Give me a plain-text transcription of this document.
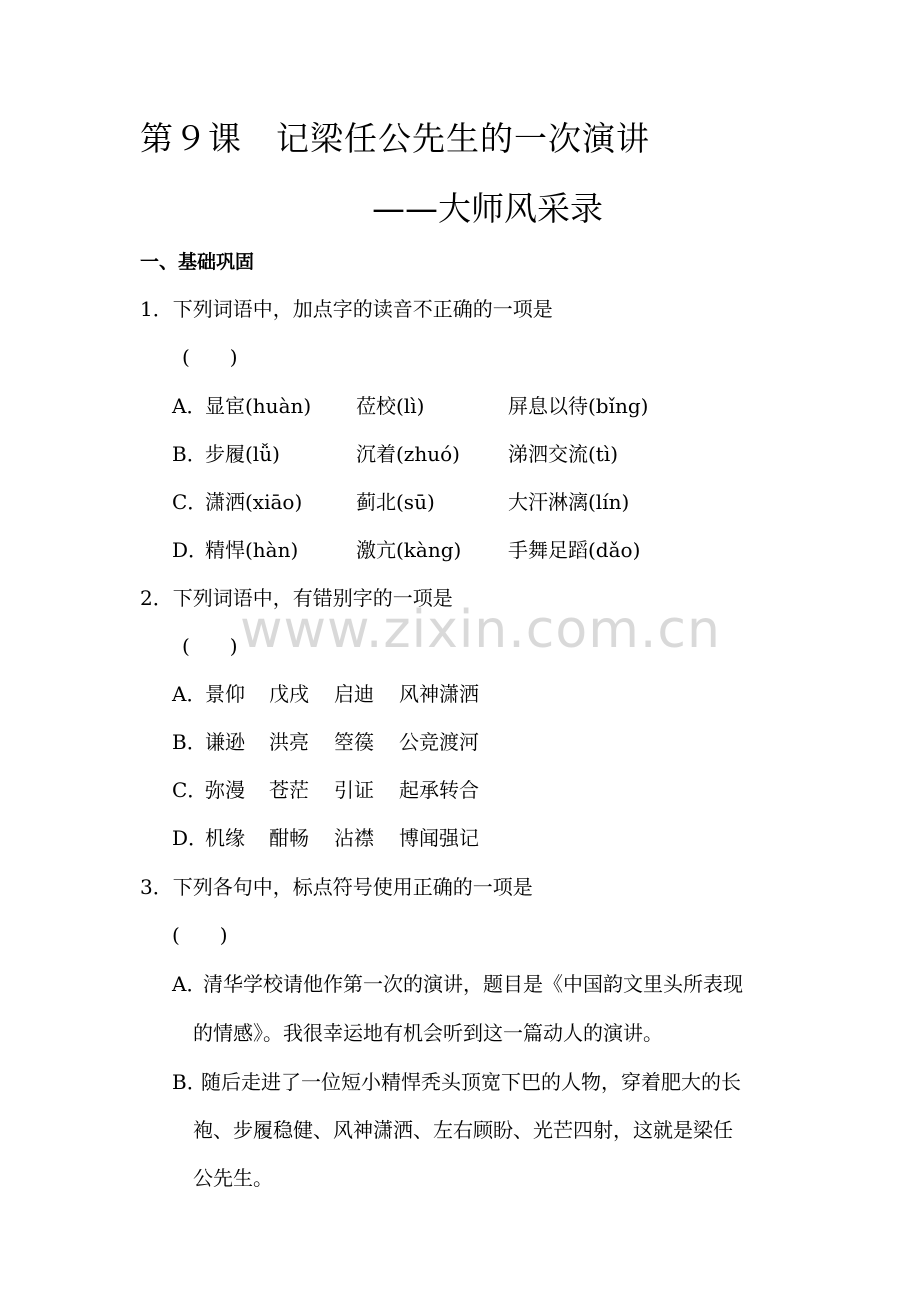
第９课　记梁任公先生的一次演讲
——大师风采录
一、基础巩固
1．下列词语中，加点字的读音不正确的一项是
(　　)
A．
显宦(huàn) 莅校(lì)	屏息以待(bǐng)
B．
步履(lǚ)	沉着(zhuó) 涕泗交流(tì)
C．
潇洒(xiāo)	蓟北(sū)	大汗淋漓(lín)
D．
精悍(hàn)	激亢(kàng) 手舞足蹈(dǎo)
2．下列词语中，有错别字的一项是
(　　)
A．
景仰 戊戌 启迪 风神潇洒
B．
谦逊 洪亮 箜篌 公竞渡河
C．
弥漫 苍茫 引证 起承转合
D．
机缘 酣畅 沾襟 博闻强记
3．下列各句中，标点符号使用正确的一项是
(　　)
A．
清华学校请他作第一次的演讲，题目是《中国韵文里头所表现
的情感》。我很幸运地有机会听到这一篇动人的演讲。
B．
随后走进了一位短小精悍秃头顶宽下巴的人物，穿着肥大的长
袍、步履稳健、风神潇洒、左右顾盼、光芒四射，这就是梁任
公先生。
www.zixin.com.cn
